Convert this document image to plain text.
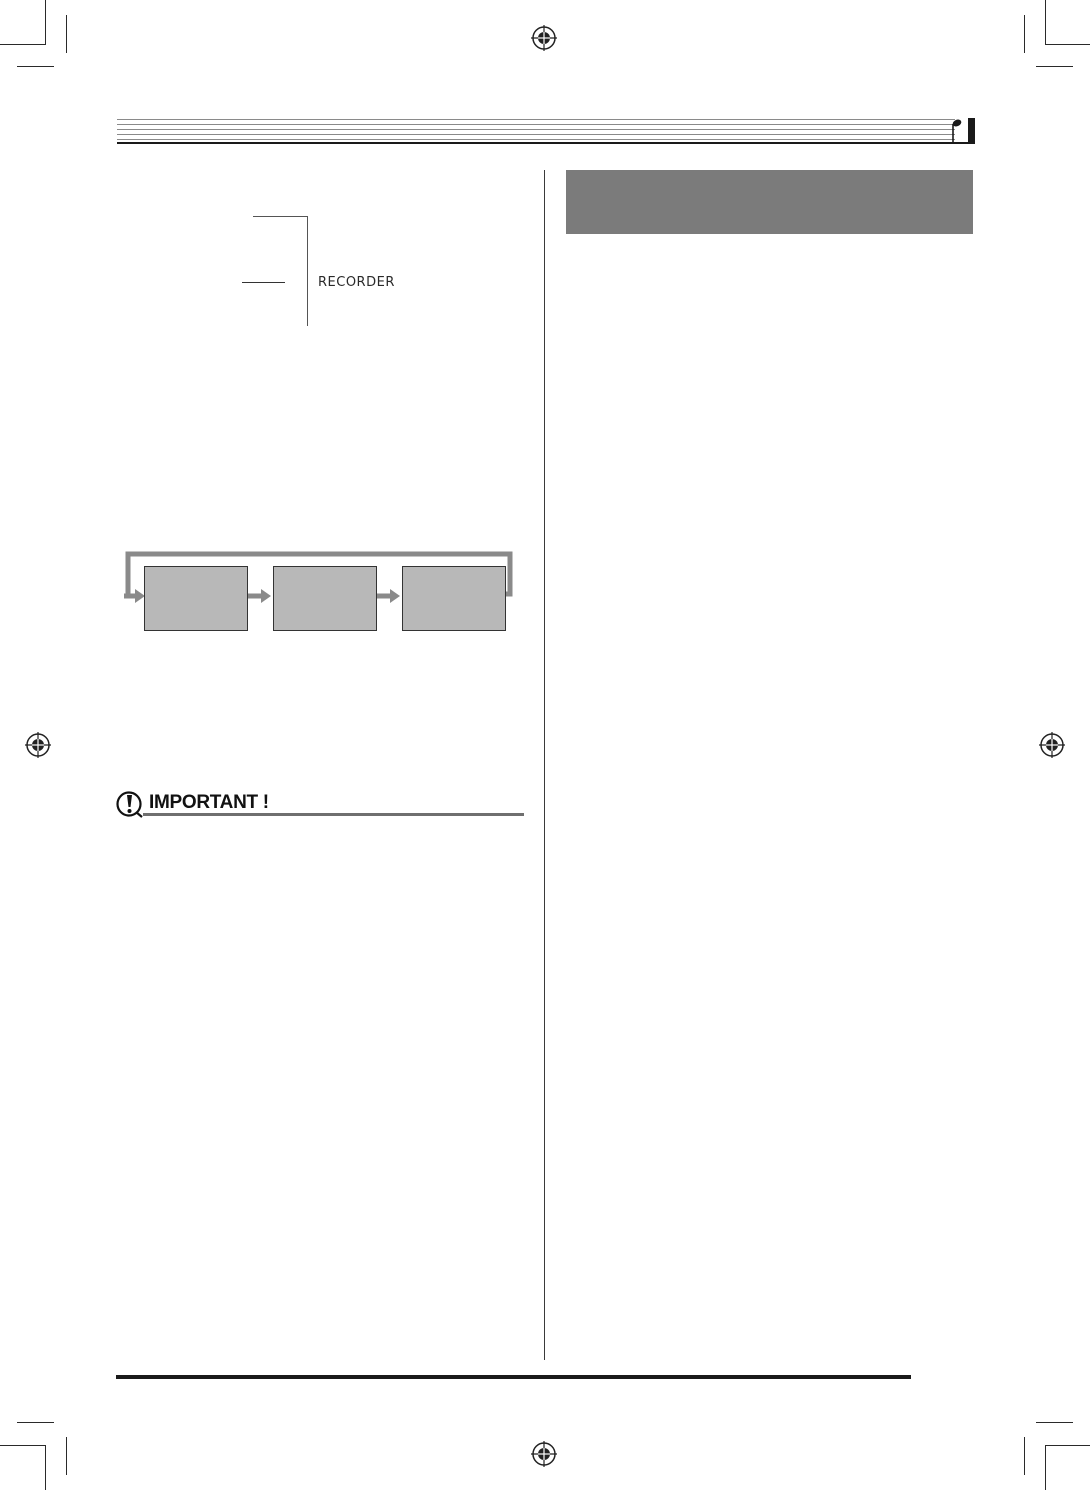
RECORDER
IMPORTANT !
